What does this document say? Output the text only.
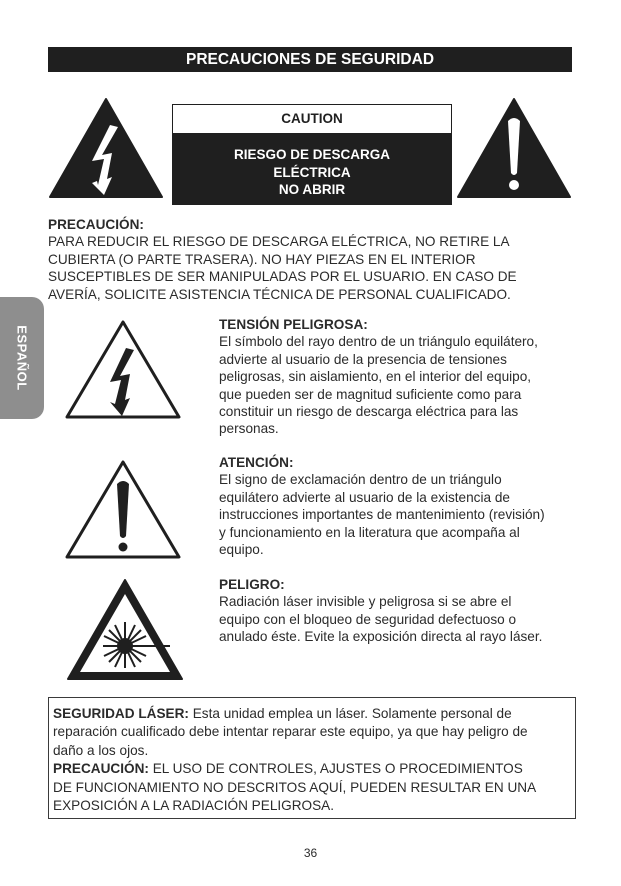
PRECAUCIONES DE SEGURIDAD
CAUTION
RIESGO DE DESCARGA
ELÉCTRICA
NO ABRIR
PRECAUCIÓN:
PARA REDUCIR EL RIESGO DE DESCARGA ELÉCTRICA, NO RETIRE LA
CUBIERTA (O PARTE TRASERA). NO HAY PIEZAS EN EL INTERIOR
SUSCEPTIBLES DE SER MANIPULADAS POR EL USUARIO. EN CASO DE
AVERÍA, SOLICITE ASISTENCIA TÉCNICA DE PERSONAL CUALIFICADO.
ESPAÑOL
TENSIÓN PELIGROSA:
El símbolo del rayo dentro de un triángulo equilátero,
advierte al usuario de la presencia de tensiones
peligrosas, sin aislamiento, en el interior del equipo,
que pueden ser de magnitud suficiente como para
constituir un riesgo de descarga eléctrica para las
personas.
ATENCIÓN:
El signo de exclamación dentro de un triángulo
equilátero advierte al usuario de la existencia de
instrucciones importantes de mantenimiento (revisión)
y funcionamiento en la literatura que acompaña al
equipo.
PELIGRO:
Radiación láser invisible y peligrosa si se abre el
equipo con el bloqueo de seguridad defectuoso o
anulado éste. Evite la exposición directa al rayo láser.
SEGURIDAD LÁSER: Esta unidad emplea un láser. Solamente personal de
reparación cualificado debe intentar reparar este equipo, ya que hay peligro de
daño a los ojos.
PRECAUCIÓN: EL USO DE CONTROLES, AJUSTES O PROCEDIMIENTOS
DE FUNCIONAMIENTO NO DESCRITOS AQUÍ, PUEDEN RESULTAR EN UNA
EXPOSICIÓN A LA RADIACIÓN PELIGROSA.
36
